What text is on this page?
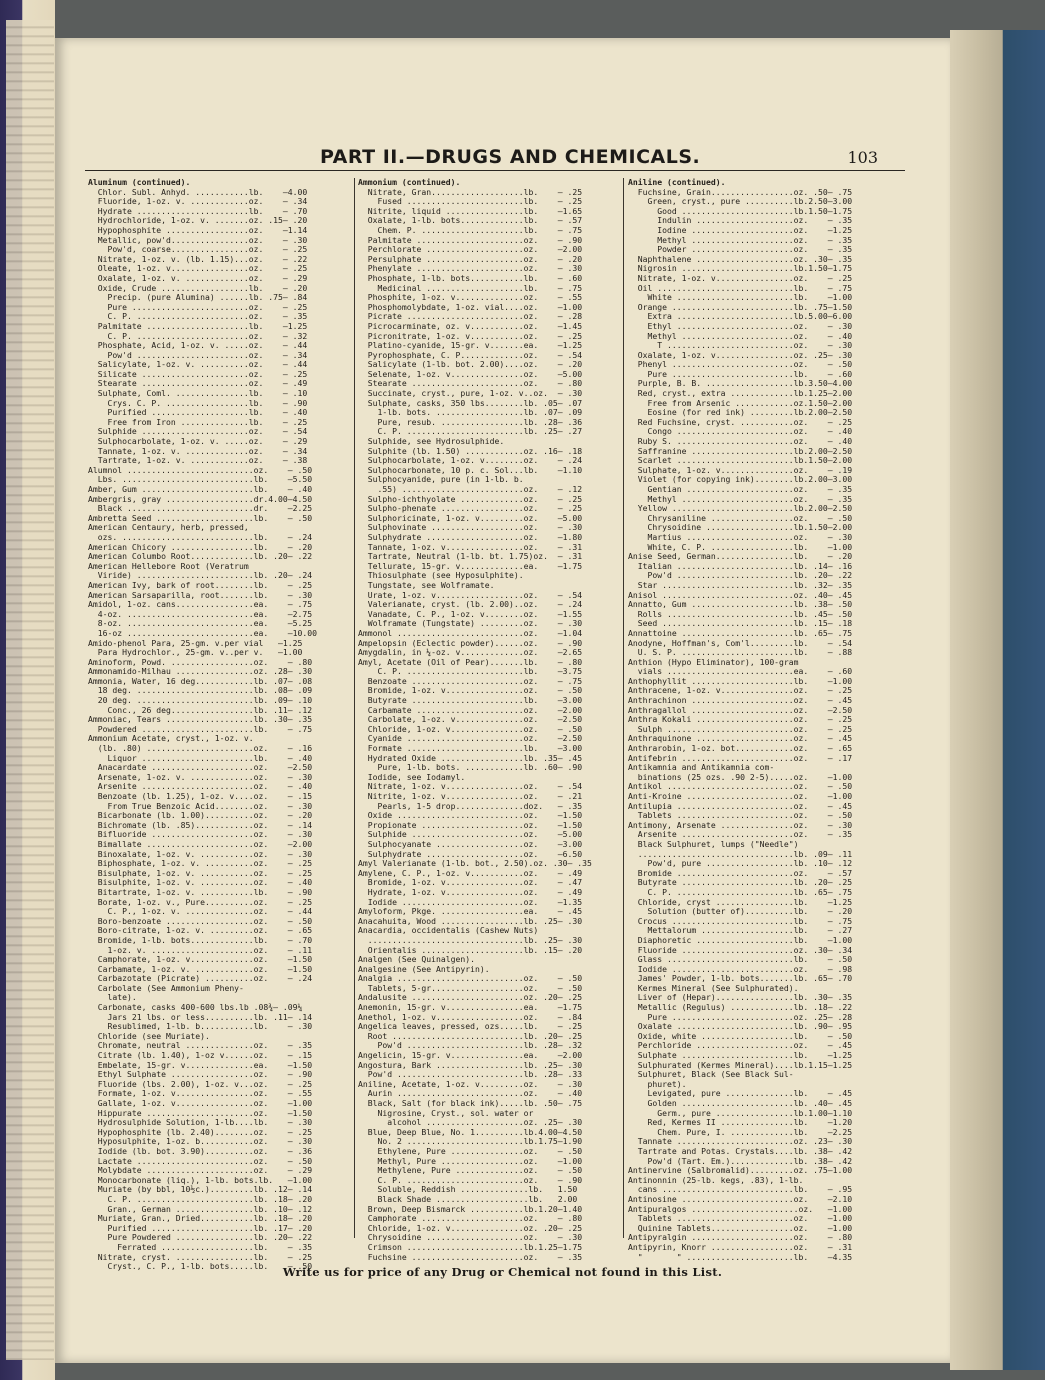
PART II.—DRUGS AND CHEMICALS.	103
Aluminum (continued).
Chlor. Subl. Anhyd. ...........lb.    —4.00
Fluoride, 1-oz. v. ............oz.    — .34
Hydrate .......................lb.    — .70
Hydrochloride, 1-oz. v. .......oz. .15— .20
Hypophosphite .................oz.    —1.14
Metallic, pow'd................oz.    — .30
Pow'd, coarse................oz.    — .25
Nitrate, 1-oz. v. (lb. 1.15)...oz.    — .22
Oleate, 1-oz. v................oz.    — .25
Oxalate, 1-oz. v. .............oz.    — .29
Oxide, Crude ..................lb.    — .20
Precip. (pure Alumina) ......lb. .75— .84
Pure ........................oz.    — .25
C. P. .......................oz.    — .35
Palmitate .....................lb.    —1.25
C. P. .......................oz.    — .32
Phosphate, Acid, 1-oz. v. .....oz.    — .44
Pow'd .......................oz.    — .34
Salicylate, 1-oz. v. ..........oz.    — .44
Silicate ......................oz.    — .25
Stearate ......................oz.    — .49
Sulphate, Coml. ...............lb.    — .10
Crys. C. P. .................lb.    — .90
Purified ....................lb.    — .40
Free from Iron ..............lb.    — .25
Sulphide ......................oz.    — .54
Sulphocarbolate, 1-oz. v. .....oz.    — .29
Tannate, 1-oz. v. .............oz.    — .34
Tartrate, 1-oz. v. ............oz.    — .38
Alumnol ..........................oz.    — .50
Lbs. ...........................lb.    —5.50
Amber, Gum .......................lb.    — .40
Ambergris, gray ..................dr.4.00—4.50
Black ..........................dr.    —2.25
Ambretta Seed ....................lb.    — .50
American Centaury, herb, pressed,
ozs. ...........................lb.    — .24
American Chicory .................lb.    — .20
American Columbo Root.............lb. .20— .22
American Hellebore Root (Veratrum
Viride) ........................lb. .20— .24
American Ivy, bark of root........lb.    — .25
American Sarsaparilla, root.......lb.    — .30
Amidol, 1-oz. cans................ea.    — .75
4-oz. ..........................ea.    —2.75
8-oz. ..........................ea.    —5.25
16-oz ..........................ea.    —10.00
Amido-phenol Para, 25-gm. v.per vial   —1.25
Para Hydrochlor., 25-gm. v..per v.   —1.00
Aminoform, Powd. .................oz.    — .80
Ammonamido-Milhau ................oz. .28— .30
Ammonia, Water, 16 deg............lb. .07— .08
18 deg. ........................lb. .08— .09
20 deg. ........................lb. .09— .10
Conc., 26 deg.................lb. .11— .12
Ammoniac, Tears ..................lb. .30— .35
Powdered .......................lb.    — .75
Ammonium Acetate, cryst., 1-oz. v.
(lb. .80) ......................oz.    — .16
Liquor .......................lb.    — .40
Anacardate .....................oz.    —2.50
Arsenate, 1-oz. v. .............oz.    — .30
Arsenite .......................oz.    — .40
Benzoate (lb. 1.25), 1-oz. v....oz.    — .15
From True Benzoic Acid........oz.    — .30
Bicarbonate (lb. 1.00)..........oz.    — .20
Bichromate (lb. .85)............oz.    — .14
Bifluoride .....................oz.    — .30
Bimallate ......................oz.    —2.00
Binoxalate, 1-oz. v. ...........oz.    — .30
Biphosphate, 1-oz. v. ..........oz.    — .25
Bisulphate, 1-oz. v. ...........oz.    — .25
Bisulphite, 1-oz. v. ...........oz.    — .40
Bitartrate, 1-oz. v. ...........lb.    — .90
Borate, 1-oz. v., Pure..........oz.    — .25
C. P., 1-oz. v. ..............oz.    — .44
Boro-benzoate ..................oz.    — .50
Boro-citrate, 1-oz. v. .........oz.    — .65
Bromide, 1-lb. bots.............lb.    — .70
1-oz. v. .....................oz.    — .11
Camphorate, 1-oz. v.............oz.    —1.50
Carbamate, 1-oz. v. ............oz.    —1.50
Carbazotate (Picrate) ..........oz.    — .24
Carbolate (See Ammonium Pheny-
late).
Carbonate, casks 400-600 lbs.lb .08¾— .09¼
Jars 21 lbs. or less..........lb. .11— .14
Resublimed, 1-lb. b...........lb.    — .30
Chloride (see Muriate).
Chromate, neutral ..............oz.    — .35
Citrate (lb. 1.40), 1-oz v......oz.    — .15
Embelate, 15-gr. v..............ea.    —1.50
Ethyl Sulphate .................oz.    — .90
Fluoride (lbs. 2.00), 1-oz. v...oz.    — .25
Formate, 1-oz. v................oz.    — .55
Gallate, 1-oz. v................oz.    —1.00
Hippurate ......................oz.    —1.50
Hydrosulphide Solution, 1-lb....lb.    — .30
Hypophosphite (lb. 2.40)........oz.    — .25
Hyposulphite, 1-oz. b...........oz.    — .30
Iodide (lb. bot. 3.90)..........oz.    — .36
Lactate ........................oz.    — .50
Molybdate ......................oz.    — .29
Monocarbonate (liq.), 1-lb. bots.lb.   —1.00
Muriate (by bbl, 10½c.).........lb. .12— .14
C. P. ........................lb. .18— .20
Gran., German ................lb. .10— .12
Muriate, Gran., Dried...........lb. .18— .20
Purified .....................lb. .17— .20
Pure Powdered ................lb. .20— .22
Ferrated ...................lb.    — .35
Nitrate, cryst. ................lb.    — .25
Cryst., C. P., 1-lb. bots.....lb.    — .50
Ammonium (continued).
Nitrate, Gran...................lb.    — .25
Fused ........................lb.    — .25
Nitrite, liquid ................lb.    —1.65
Oxalate, 1-lb. bots.............lb.    — .57
Chem. P. .....................lb.    — .75
Palmitate ......................oz.    — .90
Perchlorate ....................oz.    —2.00
Persulphate ....................oz.    — .20
Phenylate ......................oz.    — .30
Phosphate, 1-lb. bots...........lb.    — .60
Medicinal ....................lb.    — .75
Phosphite, 1-oz. v..............oz.    — .55
Phosphomolybdate, 1-oz. vial....oz.    —1.00
Picrate ........................oz.    — .28
Picrocarminate, oz. v...........oz.    —1.45
Picronitrate, 1-oz. v...........oz.    — .25
Platino-cyanide, 15-gr. v.......ea.    —1.25
Pyrophosphate, C. P.............oz.    — .54
Salicylate (1-lb. bot. 2.00)....oz.    — .20
Selenate, 1-oz. v...............oz.    —5.00
Stearate .......................oz.    — .80
Succinate, cryst., pure, 1-oz. v..oz.  — .30
Sulphate, casks, 350 lbs........lb. .05— .07
1-lb. bots. ..................lb. .07— .09
Pure, resub. .................lb. .28— .36
C. P. ........................lb. .25— .27
Sulphide, see Hydrosulphide.
Sulphite (lb. 1.50) ............oz. .16— .18
Sulphocarbolate, 1-oz. v........oz.    — .24
Sulphocarbonate, 10 p. c. Sol...lb.    —1.10
Sulphocyanide, pure (in 1-lb. b.
.55) .........................oz.    — .12
Sulpho-ichthyolate .............oz.    — .25
Sulpho-phenate .................oz.    — .25
Sulphoricinate, 1-oz. v.........oz.    —5.00
Sulphovinate ...................oz.    — .30
Sulphydrate ....................oz.    —1.80
Tannate, 1-oz. v................oz.    — .31
Tartrate, Neutral (1-lb. bt. 1.75)oz.  — .31
Tellurate, 15-gr. v.............ea.    —1.75
Thiosulphate (see Hyposulphite).
Tungstate, see Wolframate.
Urate, 1-oz. v..................oz.    — .54
Valerianate, cryst. (lb. 2.00)..oz.    — .24
Vanadate, C. P., 1-oz. v........oz.    —1.55
Wolframate (Tungstate) .........oz.    — .30
Ammonol ..........................oz.    —1.04
Ampelopsin (Eclectic powder)......oz.    — .90
Amygdalin, in ¼-oz. v.............oz.    —2.65
Amyl, Acetate (Oil of Pear).......lb.    — .80
C. P. ........................lb.    —3.75
Benzoate .......................oz.    — .75
Bromide, 1-oz. v................oz.    — .50
Butyrate .......................lb.    —3.00
Carbamate ......................oz.    —2.00
Carbolate, 1-oz. v..............oz.    —2.50
Chloride, 1-oz. v...............oz.    — .50
Cyanide ........................oz.    —2.50
Formate ........................lb.    —3.00
Hydrated Oxide .................lb. .35— .45
Pure, 1-lb. bots. ............lb. .60— .90
Iodide, see Iodamyl.
Nitrate, 1-oz. v................oz.    — .54
Nitrite, 1-oz. v................oz.    — .21
Pearls, 1-5 drop..............doz.   — .35
Oxide ..........................oz.    —1.50
Propionate .....................oz.    —1.50
Sulphide .......................oz.    —5.00
Sulphocyanate ..................oz.    —3.00
Sulphydrate ....................oz.    —6.50
Amyl Valerianate (1-lb. bot., 2.50).oz. .30— .35
Amylene, C. P., 1-oz. v...........oz.    — .49
Bromide, 1-oz. v................oz.    — .47
Hydrate, 1-oz. v................oz.    — .49
Iodide .........................oz.    —1.35
Amyloform, Pkge. .................ea.    — .45
Anacahuita, Wood .................lb. .25— .30
Anacardia, occidentalis (Cashew Nuts)
................................lb. .25— .30
Orientalis .....................lb. .15— .20
Analgen (See Quinalgen).
Analgesine (See Antipyrin).
Analgia ..........................oz.    — .50
Tablets, 5-gr...................oz.    — .50
Andalusite .......................oz. .20— .25
Anemonin, 15-gr. v................ea.    —1.75
Anethol, 1-oz. v..................oz.    — .84
Angelica leaves, pressed, ozs.....lb.    — .25
Root ...........................lb. .20— .25
Pow'd ........................lb. .28— .32
Angelicin, 15-gr. v...............ea.    —2.00
Angostura, Bark ..................lb. .25— .30
Pow'd ..........................lb. .28— .33
Aniline, Acetate, 1-oz. v.........oz.    — .30
Aurin ..........................oz.    — .40
Black, Salt (for black ink).....lb. .50— .75
Nigrosine, Cryst., sol. water or
alcohol ....................oz. .25— .30
Blue, Deep Blue, No. 1..........lb.4.00—4.50
No. 2 ........................lb.1.75—1.90
Ethylene, Pure ...............oz.    — .50
Methyl, Pure .................oz.    —1.00
Methylene, Pure ..............oz.    — .50
C. P. ........................oz.    — .90
Soluble, Reddish ..............lb.   1.50
Black Shade ...................lb.   2.00
Brown, Deep Bismarck ...........lb.1.20—1.40
Camphorate .....................oz.    — .80
Chloride, 1-oz. v...............oz. .20— .25
Chrysoidine ....................oz.    — .30
Crimson ........................lb.1.25—1.75
Fuchsine .......................oz.    — .35
Aniline (continued).
Fuchsine, Grain.................oz. .50— .75
Green, cryst., pure ..........lb.2.50—3.00
Good .......................lb.1.50—1.75
Indulin ....................oz.    — .35
Iodine .....................oz.    —1.25
Methyl .....................oz.    — .35
Powder .....................oz.    — .35
Naphthalene ....................oz. .30— .35
Nigrosin .......................lb.1.50—1.75
Nitrate, 1-oz. v................oz.    — .25
Oil ............................lb.    — .75
White ........................lb.    —1.00
Orange .........................lb. .75—1.50
Extra ........................lb.5.00—6.00
Ethyl ........................oz.    — .30
Methyl .......................oz.    — .40
T ..........................oz.    — .30
Oxalate, 1-oz. v................oz. .25— .30
Phenyl .........................oz.    — .50
Pure .........................lb.    — .60
Purple, B. B. ..................lb.3.50—4.00
Red, cryst., extra .............lb.1.25—2.00
Free from Arsenic ............oz.1.50—2.00
Eosine (for red ink) .........lb.2.00—2.50
Red Fuchsine, cryst. ...........oz.    — .25
Congo ........................oz.    — .40
Ruby S. ........................oz.    — .40
Saffranine .....................lb.2.00—2.50
Scarlet ........................lb.1.50—2.00
Sulphate, 1-oz. v...............oz.    — .19
Violet (for copying ink)........lb.2.00—3.00
Gentian ......................oz.    — .35
Methyl .......................oz.    — .35
Yellow .........................lb.2.00—2.50
Chrysaniline .................oz.    — .50
Chrysoidine ..................lb.1.50—2.00
Martius ......................oz.    — .30
White, C. P. .................lb.    —1.00
Anise Seed, German................lb.    — .20
Italian ........................lb. .14— .16
Pow'd ........................lb. .20— .22
Star ...........................lb. .32— .35
Anisol ...........................oz. .40— .45
Annatto, Gum .....................lb. .38— .50
Rolls ..........................lb. .45— .50
Seed ...........................lb. .15— .18
Annattoine .......................lb. .65— .75
Anodyne, Hoffman's, Com'l.........lb.    — .54
U. S. P. .......................lb.    — .88
Anthion (Hypo Eliminator), 100-gram
vials ..........................ea.    — .60
Anthophyllit .....................lb.    —1.00
Anthracene, 1-oz. v...............oz.    — .25
Anthrachinon .....................oz.    — .45
Anthragallol .....................oz.    —2.50
Anthra Kokali ....................oz.    — .25
Sulph ..........................oz.    — .25
Anthraquinone ....................oz.    — .45
Anthrarobin, 1-oz. bot............oz.    — .65
Antifebrin .......................oz.    — .17
Antikamnia and Antikamnia com-
binations (25 ozs. .90 2-5).....oz.    —1.00
Antikol ..........................oz.    — .50
Anti-Kroine ......................oz.    —1.00
Antilupia ........................oz.    — .45
Tablets ........................oz.    — .50
Antimony, Arsenate ...............oz.    — .30
Arsenite .......................oz.    — .35
Black Sulphuret, lumps ("Needle")
................................lb. .09— .11
Pow'd, pure ..................lb. .10— .12
Bromide ........................oz.    — .57
Butyrate .......................lb. .20— .25
C. P. ........................lb. .65— .75
Chloride, cryst ................lb.    —1.25
Solution (butter of)..........lb.    — .20
Crocus .........................lb.    — .75
Mettalorum ...................lb.    — .27
Diaphoretic ....................lb.    —1.00
Fluoride .......................oz. .30— .34
Glass ..........................lb.    — .50
Iodide .........................oz.    — .98
James' Powder, 1-lb. bots.......lb. .65— .70
Kermes Mineral (See Sulphurated).
Liver of (Hepar)................lb. .30— .35
Metallic (Regulus) .............lb. .18— .22
Pure .........................oz. .25— .28
Oxalate ........................lb. .90— .95
Oxide, white ...................lb.    — .50
Perchloride ....................oz.    — .45
Sulphate .......................lb.    —1.25
Sulphurated (Kermes Mineral)....lb.1.15—1.25
Sulphuret, Black (See Black Sul-
phuret).
Levigated, pure ..............lb.    — .45
Golden .......................lb. .40— .45
Germ., pure ................lb.1.00—1.10
Red, Kermes II ...............lb.    —1.20
Chem. Pure, I. .............lb.    —2.25
Tannate ........................oz. .23— .30
Tartrate and Potas. Crystals....lb. .38— .42
Pow'd (Tart. Em.).............lb. .38— .42
Antinervine (Salbromalid).........oz. .75—1.00
Antinonnin (25-lb. kegs, .83), 1-lb.
cans ...........................lb.    — .95
Antinosine .......................oz.    —2.10
Antipuralgos ......................oz.   —1.00
Tablets ........................oz.    —1.00
Quinine Tablets.................oz.    —1.00
Antipyralgin .....................oz.    — .80
Antipyrin, Knorr .................oz.    — .31
"       " ......................lb.    —4.35
Write us for price of any Drug or Chemical not found in this List.
